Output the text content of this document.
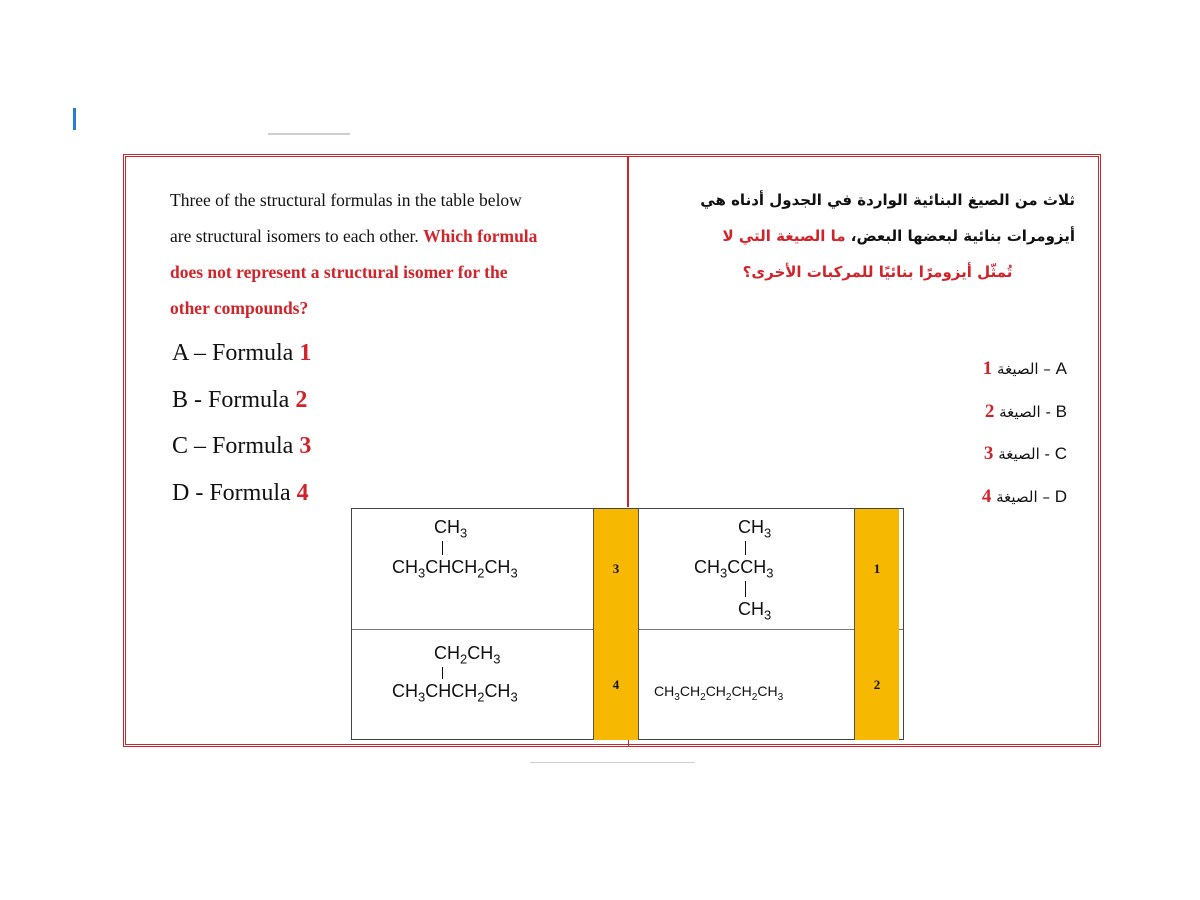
Three of the structural formulas in the table below
are structural isomers to each other. Which formula
does not represent a structural isomer for the
other compounds?
A – Formula 1
B - Formula 2
C – Formula 3
D - Formula 4
ثلاث من الصيغ البنائية الواردة في الجدول أدناه هي
أيزومرات بنائية لبعضها البعض، ما الصيغة التي لا
تُمثّل أيزومرًا بنائيًا للمركبات الأخرى؟
A – الصيغة 1
B - الصيغة 2
C - الصيغة 3
D – الصيغة 4
$CH_3$
$CH_3CHCH_2CH_3$	3
$CH_3$
$CH_3CCH_3$
$CH_3$
1
$CH_2CH_3$
$CH_3CHCH_2CH_3$
4	$CH_3CH_2CH_2CH_2CH_3$
2
